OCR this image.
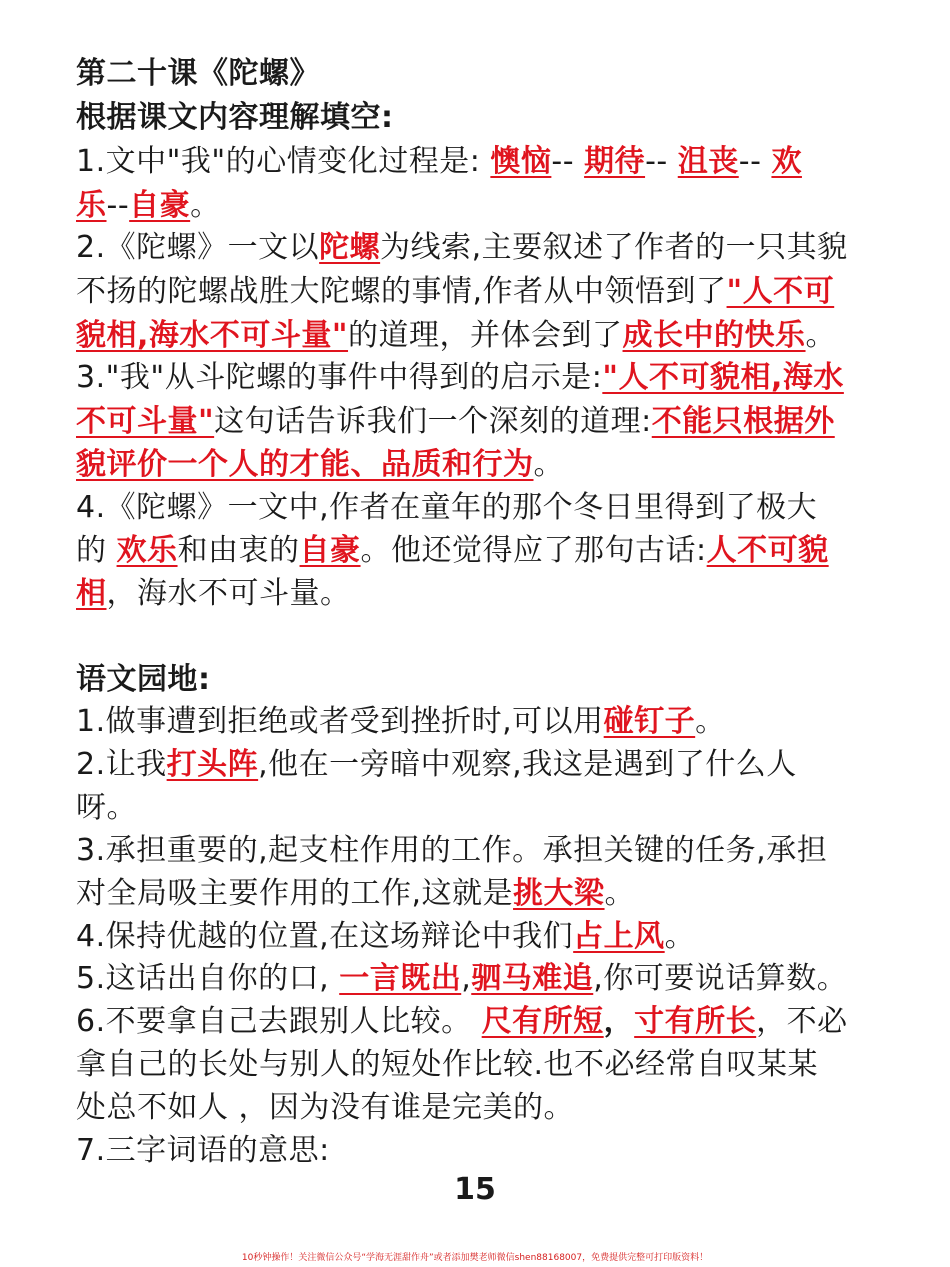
第二十课《陀螺》
根据课文内容理解填空:
1.文中"我"的心情变化过程是: 懊恼-- 期待-- 沮丧-- 欢
乐--自豪。
2.《陀螺》一文以陀螺为线索,主要叙述了作者的一只其貌
不扬的陀螺战胜大陀螺的事情,作者从中领悟到了"人不可
貌相,海水不可斗量"的道理，并体会到了成长中的快乐。
3."我"从斗陀螺的事件中得到的启示是:"人不可貌相,海水
不可斗量"这句话告诉我们一个深刻的道理:不能只根据外
貌评价一个人的才能、品质和行为。
4.《陀螺》一文中,作者在童年的那个冬日里得到了极大
的 欢乐和由衷的自豪。他还觉得应了那句古话:人不可貌
相，海水不可斗量。
语文园地:
1.做事遭到拒绝或者受到挫折时,可以用碰钉子。
2.让我打头阵,他在一旁暗中观察,我这是遇到了什么人
呀。
3.承担重要的,起支柱作用的工作。承担关键的任务,承担
对全局吸主要作用的工作,这就是挑大梁。
4.保持优越的位置,在这场辩论中我们占上风。
5.这话出自你的口, 一言既出,驷马难追,你可要说话算数。
6.不要拿自己去跟别人比较。 尺有所短，寸有所长，不必
拿自己的长处与别人的短处作比较.也不必经常自叹某某
处总不如人 ，因为没有谁是完美的。
7.三字词语的意思:
15
10秒钟操作！关注微信公众号“学海无涯甜作舟”或者添加樊老师微信shen88168007，免费提供完整可打印版资料！
